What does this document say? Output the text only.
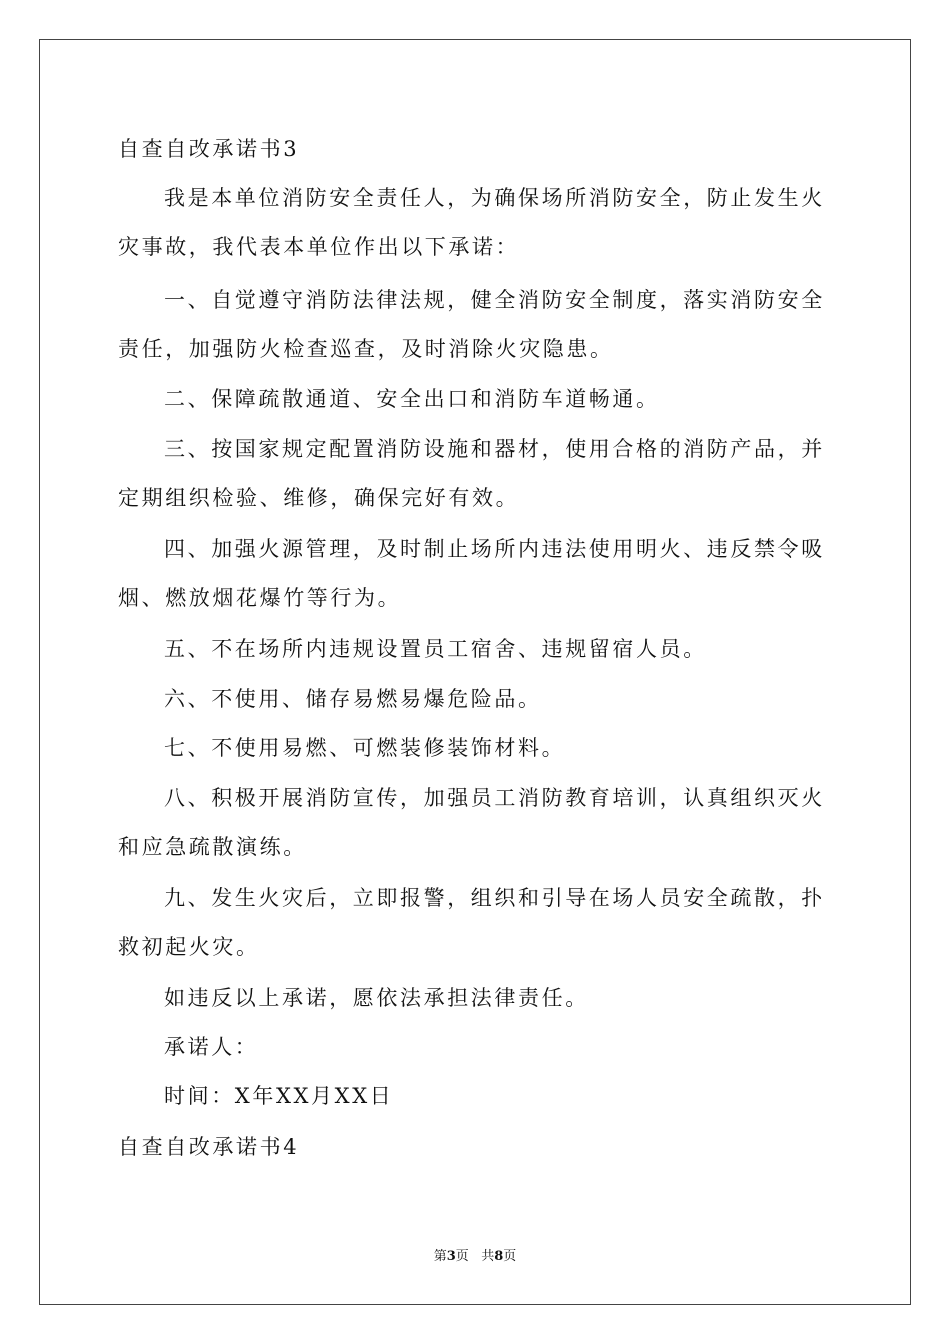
自查自改承诺书3
我是本单位消防安全责任人，为确保场所消防安全，防止发生火
灾事故，我代表本单位作出以下承诺：
一、自觉遵守消防法律法规，健全消防安全制度，落实消防安全
责任，加强防火检查巡查，及时消除火灾隐患。
二、保障疏散通道、安全出口和消防车道畅通。
三、按国家规定配置消防设施和器材，使用合格的消防产品，并
定期组织检验、维修，确保完好有效。
四、加强火源管理，及时制止场所内违法使用明火、违反禁令吸
烟、燃放烟花爆竹等行为。
五、不在场所内违规设置员工宿舍、违规留宿人员。
六、不使用、储存易燃易爆危险品。
七、不使用易燃、可燃装修装饰材料。
八、积极开展消防宣传，加强员工消防教育培训，认真组织灭火
和应急疏散演练。
九、发生火灾后，立即报警，组织和引导在场人员安全疏散，扑
救初起火灾。
如违反以上承诺，愿依法承担法律责任。
承诺人：
时间：X年XX月XX日
自查自改承诺书4
第3页 共8页
